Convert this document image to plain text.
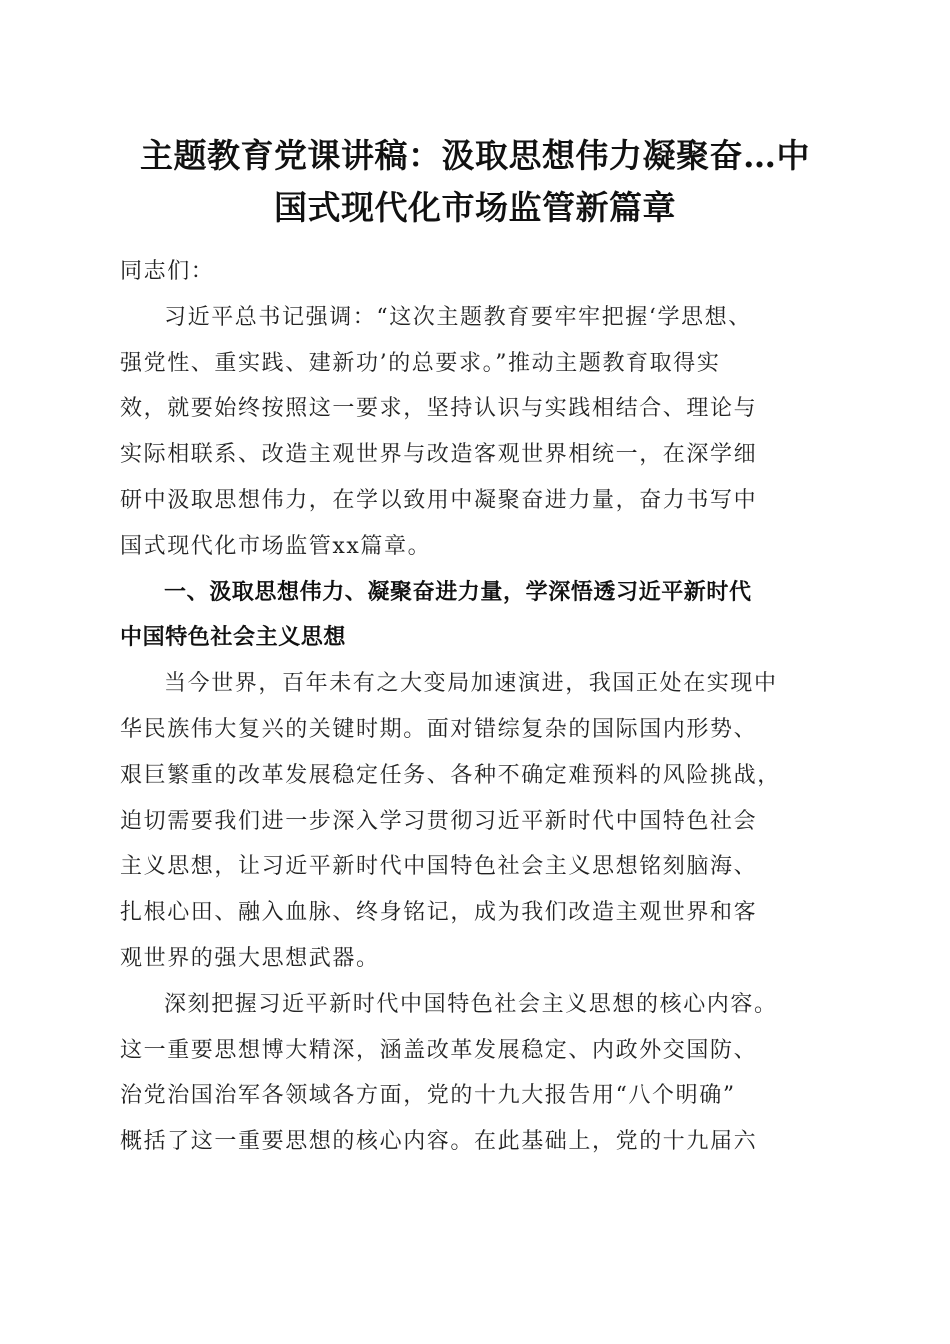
主题教育党课讲稿：汲取思想伟力凝聚奋…中
国式现代化市场监管新篇章
同志们：
习近平总书记强调：“这次主题教育要牢牢把握‘学思想、
强党性、重实践、建新功’的总要求。”推动主题教育取得实
效，就要始终按照这一要求，坚持认识与实践相结合、理论与
实际相联系、改造主观世界与改造客观世界相统一，在深学细
研中汲取思想伟力，在学以致用中凝聚奋进力量，奋力书写中
国式现代化市场监管xx篇章。
一、汲取思想伟力、凝聚奋进力量，学深悟透习近平新时代
中国特色社会主义思想
当今世界，百年未有之大变局加速演进，我国正处在实现中
华民族伟大复兴的关键时期。面对错综复杂的国际国内形势、
艰巨繁重的改革发展稳定任务、各种不确定难预料的风险挑战，
迫切需要我们进一步深入学习贯彻习近平新时代中国特色社会
主义思想，让习近平新时代中国特色社会主义思想铭刻脑海、
扎根心田、融入血脉、终身铭记，成为我们改造主观世界和客
观世界的强大思想武器。
深刻把握习近平新时代中国特色社会主义思想的核心内容。
这一重要思想博大精深，涵盖改革发展稳定、内政外交国防、
治党治国治军各领域各方面，党的十九大报告用“八个明确”
概括了这一重要思想的核心内容。在此基础上，党的十九届六
